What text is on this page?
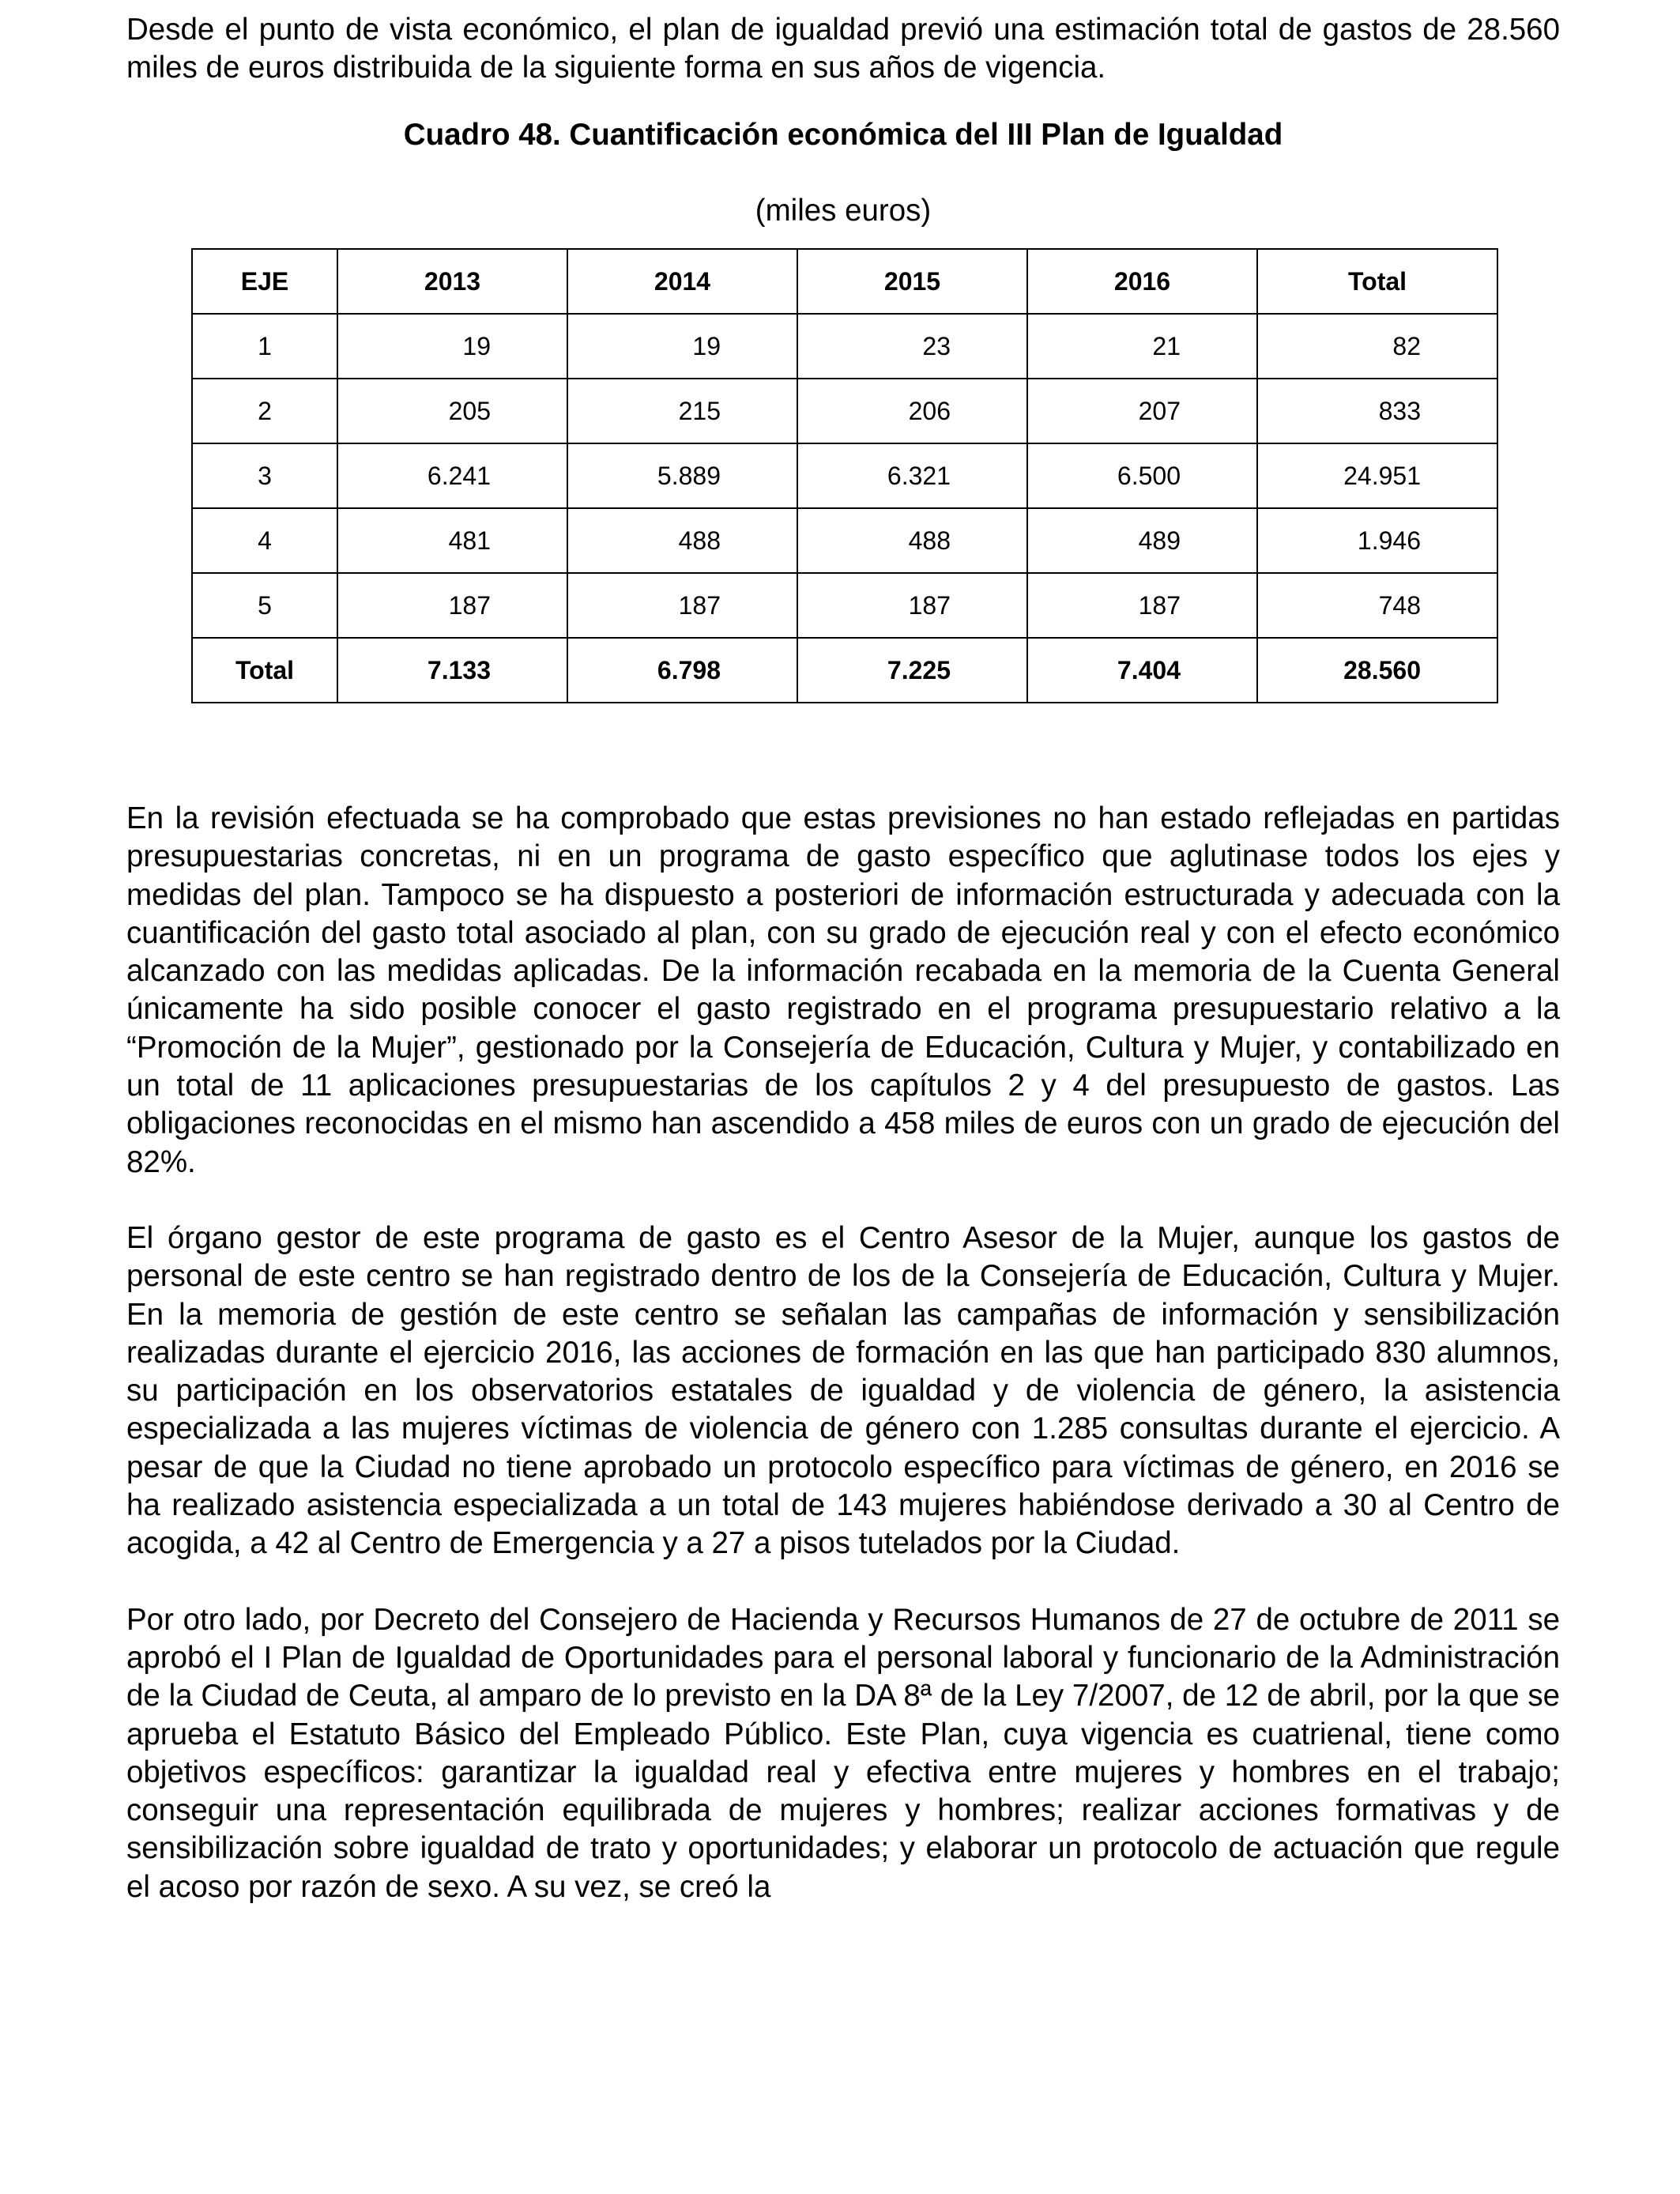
Desde el punto de vista económico, el plan de igualdad previó una estimación total de gastos de 28.560 miles de euros distribuida de la siguiente forma en sus años de vigencia.

Cuadro 48. Cuantificación económica del III Plan de Igualdad

(miles euros)

EJE	2013	2014	2015	2016	Total
1	19	19	23	21	82
2	205	215	206	207	833
3	6.241	5.889	6.321	6.500	24.951
4	481	488	488	489	1.946
5	187	187	187	187	748
Total	7.133	6.798	7.225	7.404	28.560

En la revisión efectuada se ha comprobado que estas previsiones no han estado reflejadas en partidas presupuestarias concretas, ni en un programa de gasto específico que aglutinase todos los ejes y medidas del plan. Tampoco se ha dispuesto a posteriori de información estructurada y adecuada con la cuantificación del gasto total asociado al plan, con su grado de ejecución real y con el efecto económico alcanzado con las medidas aplicadas. De la información recabada en la memoria de la Cuenta General únicamente ha sido posible conocer el gasto registrado en el programa presupuestario relativo a la “Promoción de la Mujer”, gestionado por la Consejería de Educación, Cultura y Mujer, y contabilizado en un total de 11 aplicaciones presupuestarias de los capítulos 2 y 4 del presupuesto de gastos. Las obligaciones reconocidas en el mismo han ascendido a 458 miles de euros con un grado de ejecución del 82%.

El órgano gestor de este programa de gasto es el Centro Asesor de la Mujer, aunque los gastos de personal de este centro se han registrado dentro de los de la Consejería de Educación, Cultura y Mujer. En la memoria de gestión de este centro se señalan las campañas de información y sensibilización realizadas durante el ejercicio 2016, las acciones de formación en las que han participado 830 alumnos, su participación en los observatorios estatales de igualdad y de violencia de género, la asistencia especializada a las mujeres víctimas de violencia de género con 1.285 consultas durante el ejercicio. A pesar de que la Ciudad no tiene aprobado un protocolo específico para víctimas de género, en 2016 se ha realizado asistencia especializada a un total de 143 mujeres habiéndose derivado a 30 al Centro de acogida, a 42 al Centro de Emergencia y a 27 a pisos tutelados por la Ciudad.

Por otro lado, por Decreto del Consejero de Hacienda y Recursos Humanos de 27 de octubre de 2011 se aprobó el I Plan de Igualdad de Oportunidades para el personal laboral y funcionario de la Administración de la Ciudad de Ceuta, al amparo de lo previsto en la DA 8ª de la Ley 7/2007, de 12 de abril, por la que se aprueba el Estatuto Básico del Empleado Público. Este Plan, cuya vigencia es cuatrienal, tiene como objetivos específicos: garantizar la igualdad real y efectiva entre mujeres y hombres en el trabajo; conseguir una representación equilibrada de mujeres y hombres; realizar acciones formativas y de sensibilización sobre igualdad de trato y oportunidades; y elaborar un protocolo de actuación que regule el acoso por razón de sexo. A su vez, se creó la
